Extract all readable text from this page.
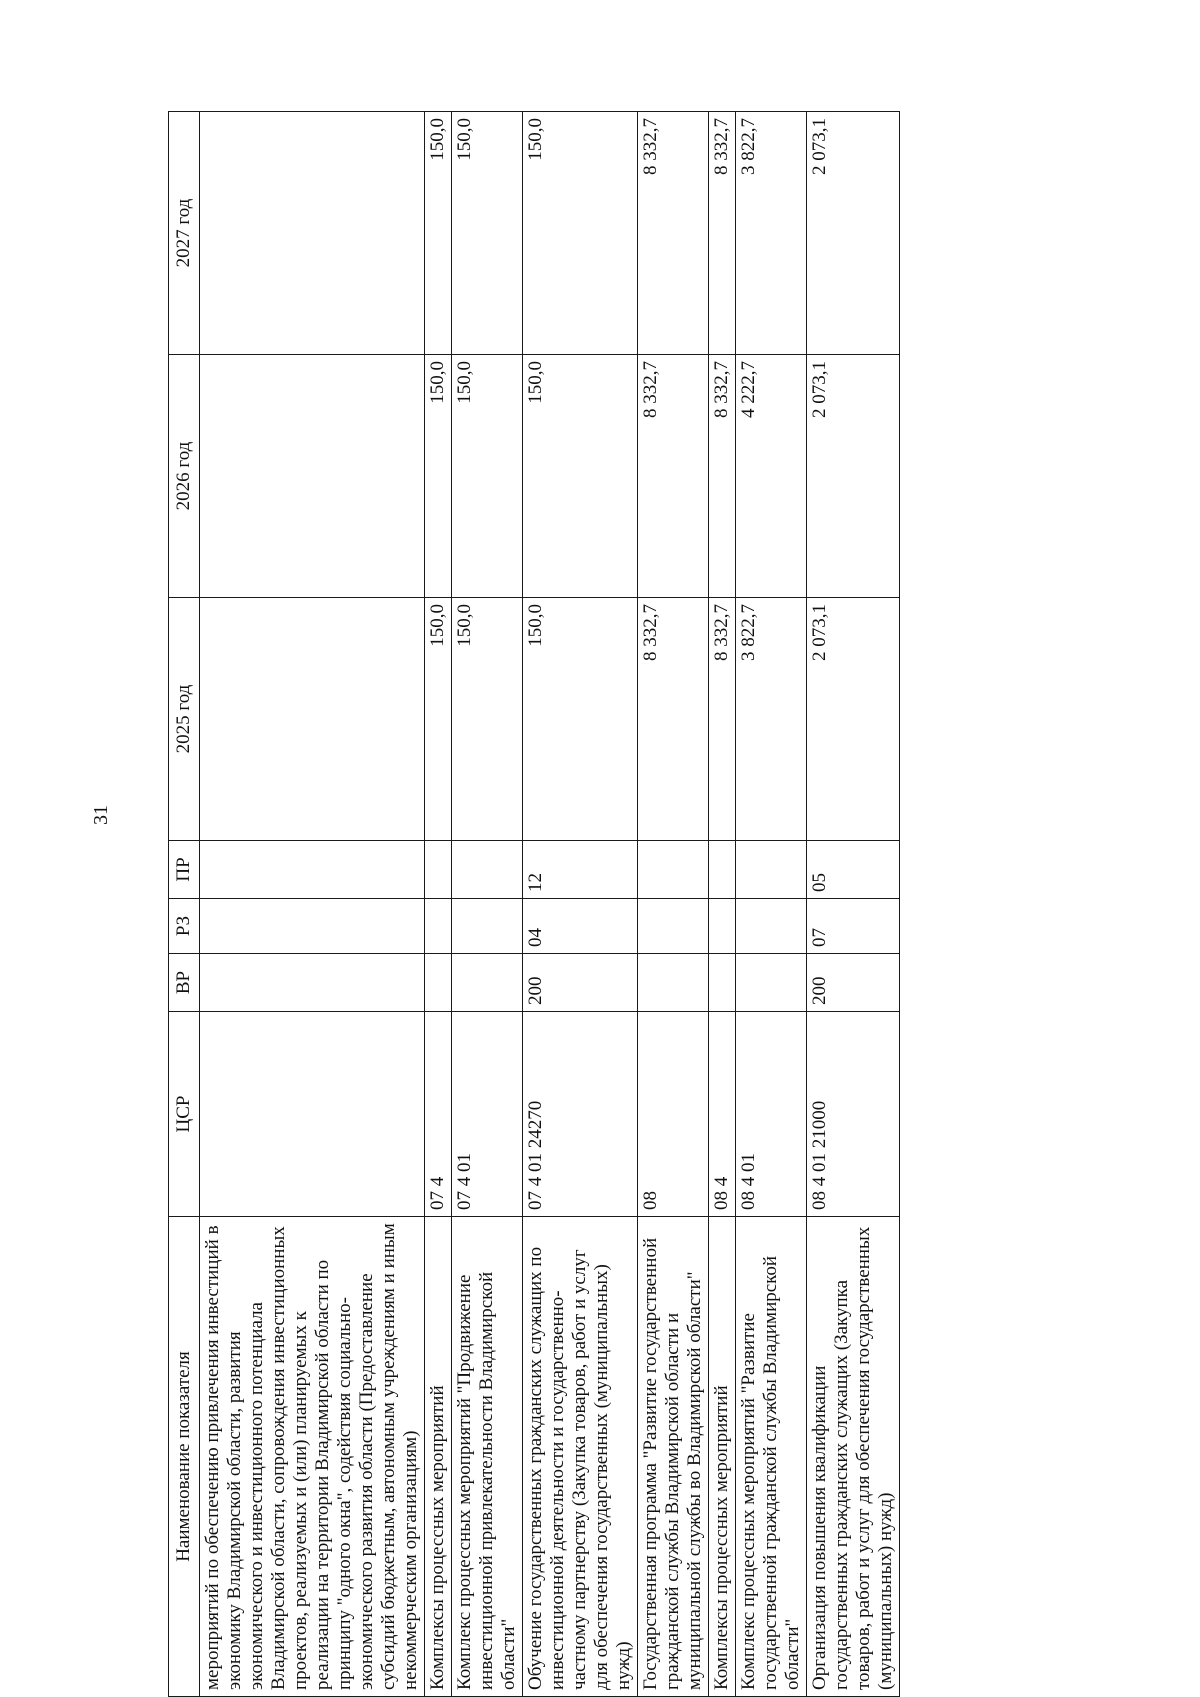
31
Наименование показателя	ЦСР	ВР	РЗ	ПР	2025 год	2026 год	2027 год
мероприятий по обеспечению привлечения инвестиций в экономику Владимирской области, развития экономического и инвестиционного потенциала Владимирской области, сопровождения инвестиционных проектов, реализуемых и (или) планируемых к реализации на территории Владимирской области по принципу "одного окна", содействия социально-экономического развития области (Предоставление субсидий бюджетным, автономным учреждениям и иным некоммерческим организациям)							
Комплексы процессных мероприятий	07 4				150,0	150,0	150,0
Комплекс процессных мероприятий "Продвижение инвестиционной привлекательности Владимирской области"	07 4 01				150,0	150,0	150,0
Обучение государственных гражданских служащих по инвестиционной деятельности и государственно-частному партнерству (Закупка товаров, работ и услуг для обеспечения государственных (муниципальных) нужд)	07 4 01 24270	200	04	12	150,0	150,0	150,0
Государственная программа "Развитие государственной гражданской службы Владимирской области и муниципальной службы во Владимирской области"	08				8 332,7	8 332,7	8 332,7
Комплексы процессных мероприятий	08 4				8 332,7	8 332,7	8 332,7
Комплекс процессных мероприятий "Развитие государственной гражданской службы Владимирской области"	08 4 01				3 822,7	4 222,7	3 822,7
Организация повышения квалификации государственных гражданских служащих (Закупка товаров, работ и услуг для обеспечения государственных (муниципальных) нужд)	08 4 01 21000	200	07	05	2 073,1	2 073,1	2 073,1
